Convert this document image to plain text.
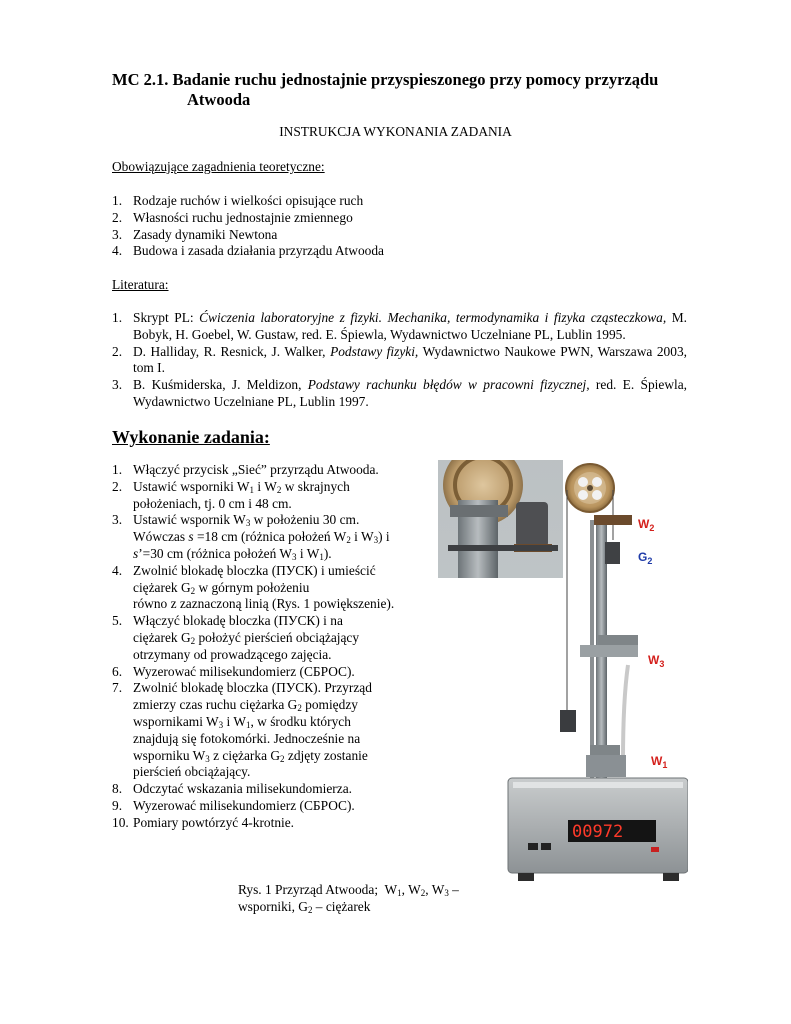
MC 2.1. Badanie ruchu jednostajnie przyspieszonego przy pomocy przyrządu
Atwooda
INSTRUKCJA WYKONANIA ZADANIA
Obowiązujące zagadnienia teoretyczne:
1. Rodzaje ruchów i wielkości opisujące ruch
2. Własności ruchu jednostajnie zmiennego
3. Zasady dynamiki Newtona
4. Budowa i zasada działania przyrządu Atwooda
Literatura:
1. Skrypt PL: Ćwiczenia laboratoryjne z fizyki. Mechanika, termodynamika i fizyka cząsteczkowa, M. Bobyk, H. Goebel, W. Gustaw, red. E. Śpiewla, Wydawnictwo Uczelniane PL, Lublin 1995.
2. D. Halliday, R. Resnick, J. Walker, Podstawy fizyki, Wydawnictwo Naukowe PWN, Warszawa 2003, tom I.
3. B. Kuśmiderska, J. Meldizon, Podstawy rachunku błędów w pracowni fizycznej, red. E. Śpiewla, Wydawnictwo Uczelniane PL, Lublin 1997.
Wykonanie zadania:
1. Włączyć przycisk „Sieć” przyrządu Atwooda.
2. Ustawić wsporniki $W_1$ i $W_2$ w skrajnych
położeniach, tj. 0 cm i 48 cm.
3. Ustawić wspornik $W_3$ w położeniu 30 cm.
Wówczas s =18 cm (różnica położeń $W_2$ i $W_3$) i
s’=30 cm (różnica położeń $W_3$ i $W_1$).
4. Zwolnić blokadę bloczka (ПУСК) i umieścić
ciężarek $G_2$ w górnym położeniu
równo z zaznaczoną linią (Rys. 1 powiększenie).
5. Włączyć blokadę bloczka (ПУСК) i na
ciężarek $G_2$ położyć pierścień obciążający
otrzymany od prowadzącego zajęcia.
6. Wyzerować milisekundomierz (СБРОС).
7. Zwolnić blokadę bloczka (ПУСК). Przyrząd
zmierzy czas ruchu ciężarka $G_2$ pomiędzy
wspornikami $W_3$ i $W_1$, w środku których
znajdują się fotokomórki. Jednocześnie na
wsporniku $W_3$ z ciężarka $G_2$ zdjęty zostanie
pierścień obciążający.
8. Odczytać wskazania milisekundomierza.
9. Wyzerować milisekundomierz (СБРОС).
10. Pomiary powtórzyć 4-krotnie.	00972
$W_2$
$G_2$
$W_3$
$W_1$
Rys. 1 Przyrząd Atwooda;  $W_1$, $W_2$, $W_3$ –
wsporniki, $G_2$ – ciężarek
